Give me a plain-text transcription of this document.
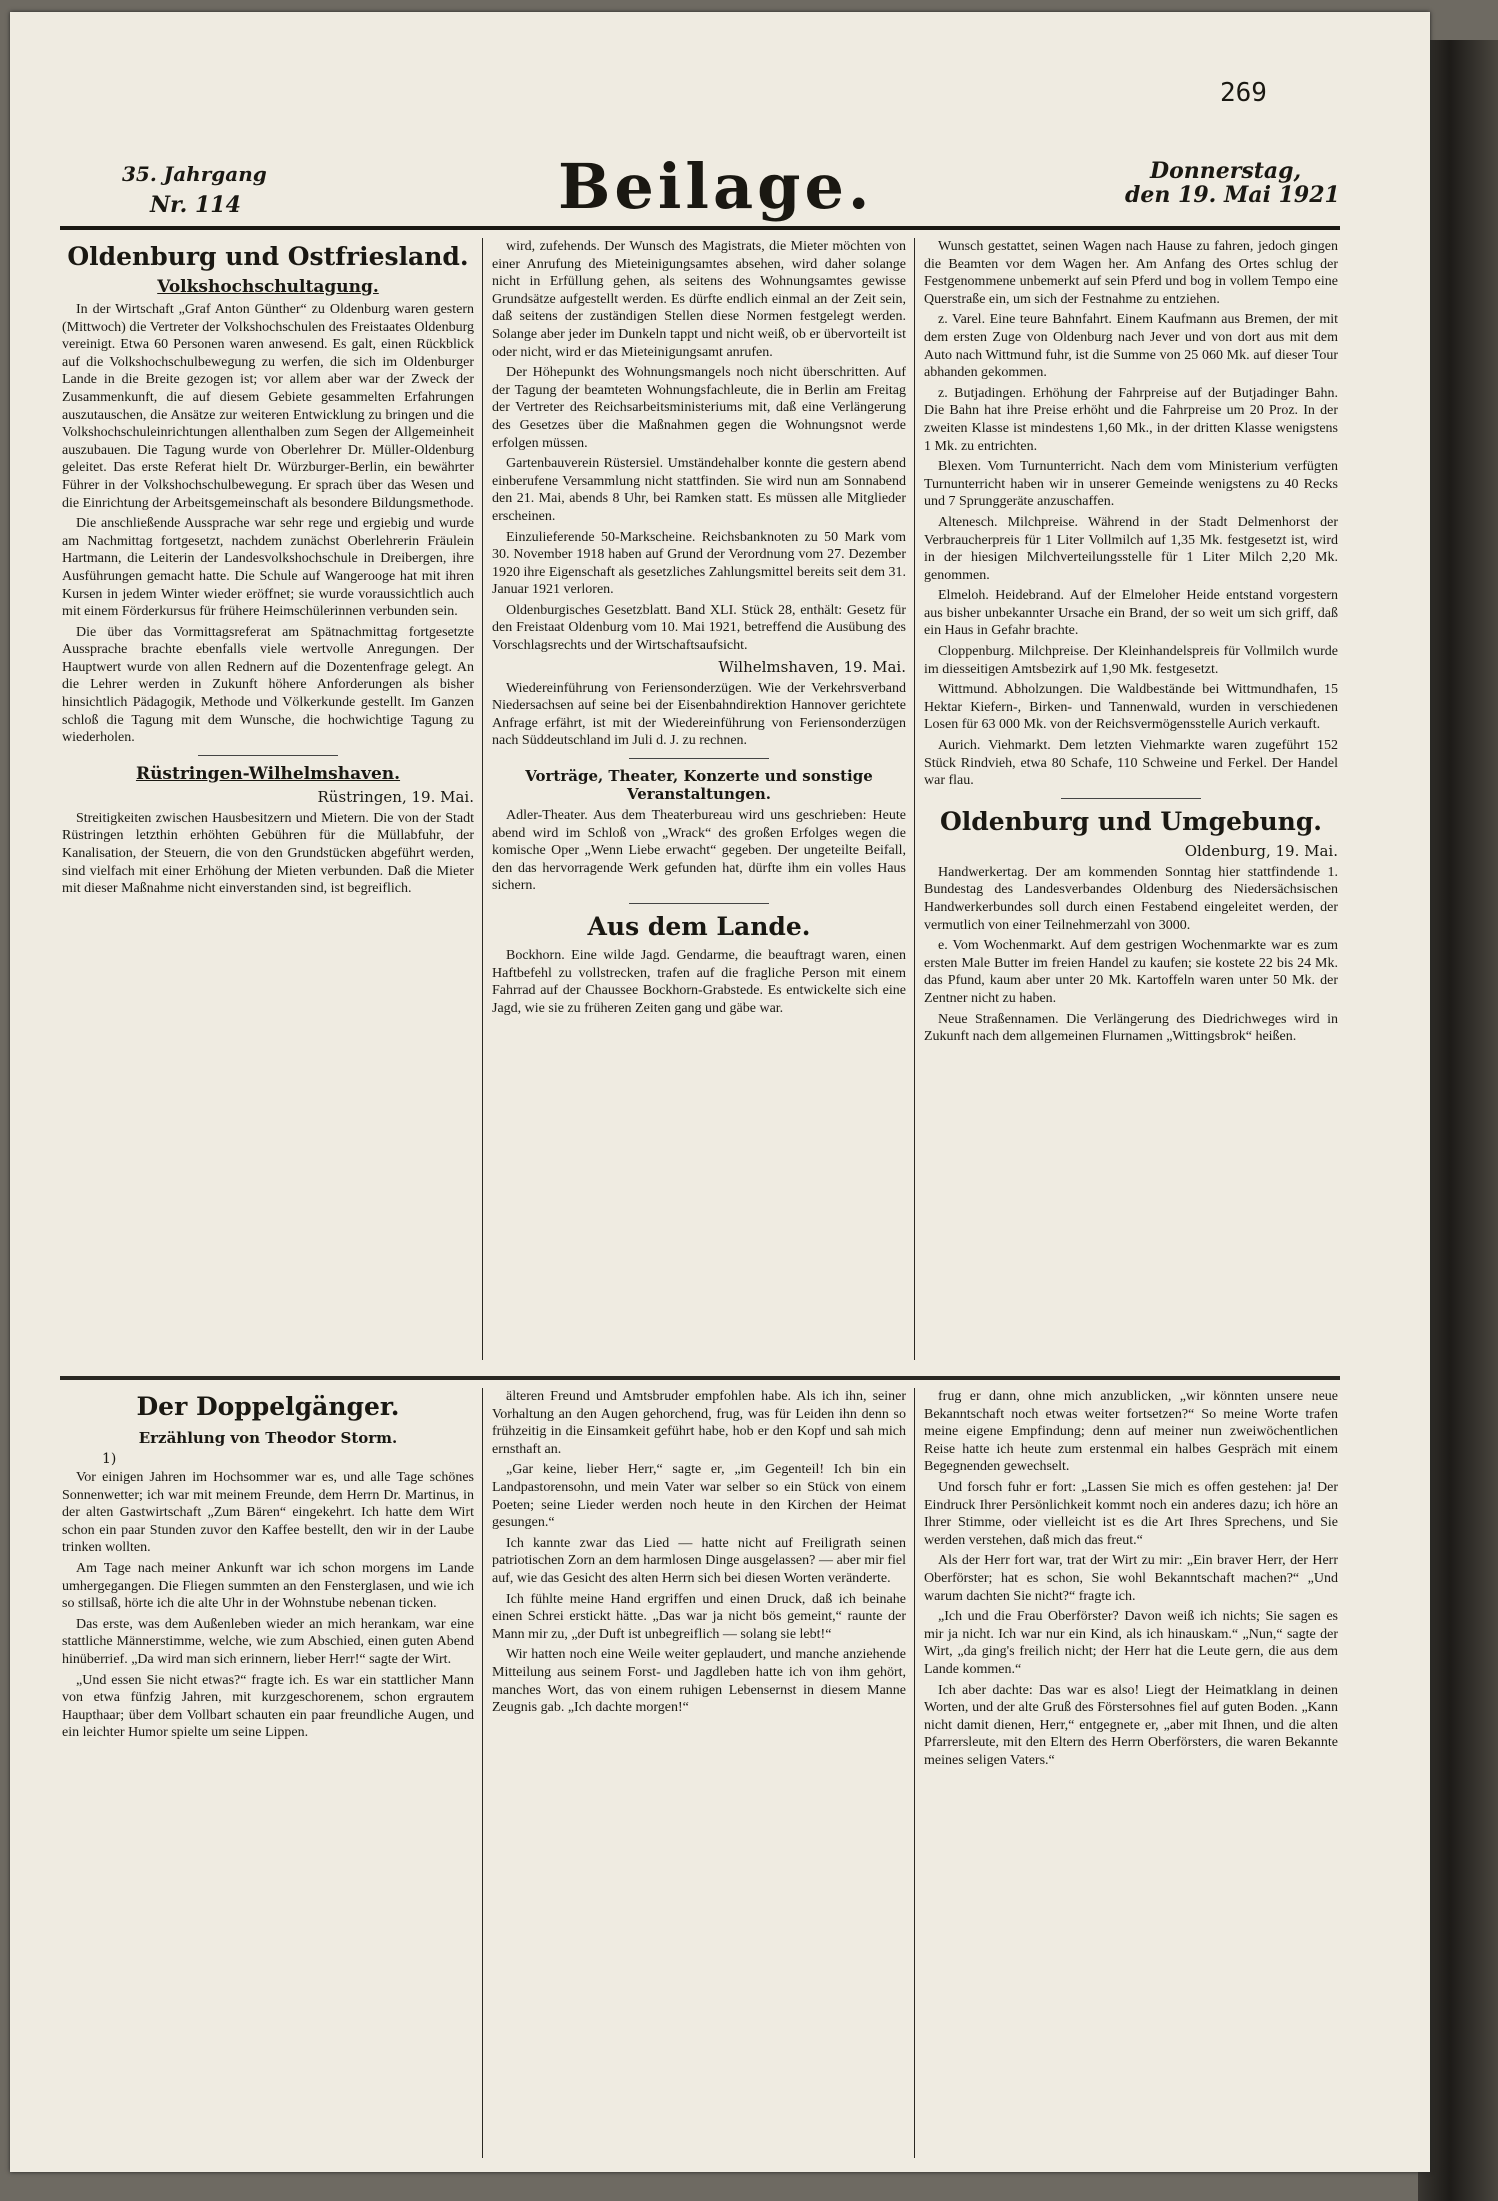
269
35. Jahrgang
Nr. 114	Beilage.	Donnerstag,
den 19. Mai 1921
Oldenburg und Ostfriesland.
Volkshochschultagung.

In der Wirtschaft „Graf Anton Günther“ zu Oldenburg waren gestern (Mittwoch) die Vertreter der Volkshochschulen des Freistaates Oldenburg vereinigt. Etwa 60 Personen waren anwesend. Es galt, einen Rückblick auf die Volkshochschulbewegung zu werfen, die sich im Oldenburger Lande in die Breite gezogen ist; vor allem aber war der Zweck der Zusammenkunft, die auf diesem Gebiete gesammelten Erfahrungen auszutauschen, die Ansätze zur weiteren Entwicklung zu bringen und die Volkshochschuleinrichtungen allenthalben zum Segen der Allgemeinheit auszubauen. Die Tagung wurde von Oberlehrer Dr. Müller-Oldenburg geleitet. Das erste Referat hielt Dr. Würzburger-Berlin, ein bewährter Führer in der Volkshochschulbewegung. Er sprach über das Wesen und die Einrichtung der Arbeitsgemeinschaft als besondere Bildungsmethode.

Die anschließende Aussprache war sehr rege und ergiebig und wurde am Nachmittag fortgesetzt, nachdem zunächst Oberlehrerin Fräulein Hartmann, die Leiterin der Landesvolkshochschule in Dreibergen, ihre Ausführungen gemacht hatte. Die Schule auf Wangerooge hat mit ihren Kursen in jedem Winter wieder eröffnet; sie wurde voraussichtlich auch mit einem Förderkursus für frühere Heimschülerinnen verbunden sein.

Die über das Vormittagsreferat am Spätnachmittag fortgesetzte Aussprache brachte ebenfalls viele wertvolle Anregungen. Der Hauptwert wurde von allen Rednern auf die Dozentenfrage gelegt. An die Lehrer werden in Zukunft höhere Anforderungen als bisher hinsichtlich Pädagogik, Methode und Völkerkunde gestellt. Im Ganzen schloß die Tagung mit dem Wunsche, die hochwichtige Tagung zu wiederholen.

Rüstringen-Wilhelmshaven.
Rüstringen, 19. Mai.

Streitigkeiten zwischen Hausbesitzern und Mietern. Die von der Stadt Rüstringen letzthin erhöhten Gebühren für die Müllabfuhr, der Kanalisation, der Steuern, die von den Grundstücken abgeführt werden, sind vielfach mit einer Erhöhung der Mieten verbunden. Daß die Mieter mit dieser Maßnahme nicht einverstanden sind, ist begreiflich.

wird, zufehends. Der Wunsch des Magistrats, die Mieter möchten von einer Anrufung des Mieteinigungsamtes absehen, wird daher solange nicht in Erfüllung gehen, als seitens des Wohnungsamtes gewisse Grundsätze aufgestellt werden. Es dürfte endlich einmal an der Zeit sein, daß seitens der zuständigen Stellen diese Normen festgelegt werden. Solange aber jeder im Dunkeln tappt und nicht weiß, ob er übervorteilt ist oder nicht, wird er das Mieteinigungsamt anrufen.

Der Höhepunkt des Wohnungsmangels noch nicht überschritten. Auf der Tagung der beamteten Wohnungsfachleute, die in Berlin am Freitag der Vertreter des Reichsarbeitsministeriums mit, daß eine Verlängerung des Gesetzes über die Maßnahmen gegen die Wohnungsnot werde erfolgen müssen.

Gartenbauverein Rüstersiel. Umständehalber konnte die gestern abend einberufene Versammlung nicht stattfinden. Sie wird nun am Sonnabend den 21. Mai, abends 8 Uhr, bei Ramken statt. Es müssen alle Mitglieder erscheinen.

Einzulieferende 50-Markscheine. Reichsbanknoten zu 50 Mark vom 30. November 1918 haben auf Grund der Verordnung vom 27. Dezember 1920 ihre Eigenschaft als gesetzliches Zahlungsmittel bereits seit dem 31. Januar 1921 verloren.

Oldenburgisches Gesetzblatt. Band XLI. Stück 28, enthält: Gesetz für den Freistaat Oldenburg vom 10. Mai 1921, betreffend die Ausübung des Vorschlagsrechts und der Wirtschaftsaufsicht.

Wilhelmshaven, 19. Mai.

Wiedereinführung von Feriensonderzügen. Wie der Verkehrsverband Niedersachsen auf seine bei der Eisenbahndirektion Hannover gerichtete Anfrage erfährt, ist mit der Wiedereinführung von Feriensonderzügen nach Süddeutschland im Juli d. J. zu rechnen.

Vorträge, Theater, Konzerte und sonstige Veranstaltungen.

Adler-Theater. Aus dem Theaterbureau wird uns geschrieben: Heute abend wird im Schloß von „Wrack“ des großen Erfolges wegen die komische Oper „Wenn Liebe erwacht“ gegeben. Der ungeteilte Beifall, den das hervorragende Werk gefunden hat, dürfte ihm ein volles Haus sichern.

Aus dem Lande.

Bockhorn. Eine wilde Jagd. Gendarme, die beauftragt waren, einen Haftbefehl zu vollstrecken, trafen auf die fragliche Person mit einem Fahrrad auf der Chaussee Bockhorn-Grabstede. Es entwickelte sich eine Jagd, wie sie zu früheren Zeiten gang und gäbe war.

Wunsch gestattet, seinen Wagen nach Hause zu fahren, jedoch gingen die Beamten vor dem Wagen her. Am Anfang des Ortes schlug der Festgenommene unbemerkt auf sein Pferd und bog in vollem Tempo eine Querstraße ein, um sich der Festnahme zu entziehen.

z. Varel. Eine teure Bahnfahrt. Einem Kaufmann aus Bremen, der mit dem ersten Zuge von Oldenburg nach Jever und von dort aus mit dem Auto nach Wittmund fuhr, ist die Summe von 25 060 Mk. auf dieser Tour abhanden gekommen.

z. Butjadingen. Erhöhung der Fahrpreise auf der Butjadinger Bahn. Die Bahn hat ihre Preise erhöht und die Fahrpreise um 20 Proz. In der zweiten Klasse ist mindestens 1,60 Mk., in der dritten Klasse wenigstens 1 Mk. zu entrichten.

Blexen. Vom Turnunterricht. Nach dem vom Ministerium verfügten Turnunterricht haben wir in unserer Gemeinde wenigstens zu 40 Recks und 7 Sprunggeräte anzuschaffen.

Altenesch. Milchpreise. Während in der Stadt Delmenhorst der Verbraucherpreis für 1 Liter Vollmilch auf 1,35 Mk. festgesetzt ist, wird in der hiesigen Milchverteilungsstelle für 1 Liter Milch 2,20 Mk. genommen.

Elmeloh. Heidebrand. Auf der Elmeloher Heide entstand vorgestern aus bisher unbekannter Ursache ein Brand, der so weit um sich griff, daß ein Haus in Gefahr brachte.

Cloppenburg. Milchpreise. Der Kleinhandelspreis für Vollmilch wurde im diesseitigen Amtsbezirk auf 1,90 Mk. festgesetzt.

Wittmund. Abholzungen. Die Waldbestände bei Wittmundhafen, 15 Hektar Kiefern-, Birken- und Tannenwald, wurden in verschiedenen Losen für 63 000 Mk. von der Reichsvermögensstelle Aurich verkauft.

Aurich. Viehmarkt. Dem letzten Viehmarkte waren zugeführt 152 Stück Rindvieh, etwa 80 Schafe, 110 Schweine und Ferkel. Der Handel war flau.

Oldenburg und Umgebung.
Oldenburg, 19. Mai.

Handwerkertag. Der am kommenden Sonntag hier stattfindende 1. Bundestag des Landesverbandes Oldenburg des Niedersächsischen Handwerkerbundes soll durch einen Festabend eingeleitet werden, der vermutlich von einer Teilnehmerzahl von 3000.

e. Vom Wochenmarkt. Auf dem gestrigen Wochenmarkte war es zum ersten Male Butter im freien Handel zu kaufen; sie kostete 22 bis 24 Mk. das Pfund, kaum aber unter 20 Mk. Kartoffeln waren unter 50 Mk. der Zentner nicht zu haben.

Neue Straßennamen. Die Verlängerung des Diedrichweges wird in Zukunft nach dem allgemeinen Flurnamen „Wittingsbrok“ heißen.

Der Doppelgänger.
Erzählung von Theodor Storm.
1)

Vor einigen Jahren im Hochsommer war es, und alle Tage schönes Sonnenwetter; ich war mit meinem Freunde, dem Herrn Dr. Martinus, in der alten Gastwirtschaft „Zum Bären“ eingekehrt. Ich hatte dem Wirt schon ein paar Stunden zuvor den Kaffee bestellt, den wir in der Laube trinken wollten.

Am Tage nach meiner Ankunft war ich schon morgens im Lande umhergegangen. Die Fliegen summten an den Fensterglasen, und wie ich so stillsaß, hörte ich die alte Uhr in der Wohnstube nebenan ticken.

Das erste, was dem Außenleben wieder an mich herankam, war eine stattliche Männerstimme, welche, wie zum Abschied, einen guten Abend hinüberrief. „Da wird man sich erinnern, lieber Herr!“ sagte der Wirt.

„Und essen Sie nicht etwas?“ fragte ich. Es war ein stattlicher Mann von etwa fünfzig Jahren, mit kurzgeschorenem, schon ergrautem Haupthaar; über dem Vollbart schauten ein paar freundliche Augen, und ein leichter Humor spielte um seine Lippen.

älteren Freund und Amtsbruder empfohlen habe. Als ich ihn, seiner Vorhaltung an den Augen gehorchend, frug, was für Leiden ihn denn so frühzeitig in die Einsamkeit geführt habe, hob er den Kopf und sah mich ernsthaft an.

„Gar keine, lieber Herr,“ sagte er, „im Gegenteil! Ich bin ein Landpastorensohn, und mein Vater war selber so ein Stück von einem Poeten; seine Lieder werden noch heute in den Kirchen der Heimat gesungen.“

Ich kannte zwar das Lied — hatte nicht auf Freiligrath seinen patriotischen Zorn an dem harmlosen Dinge ausgelassen? — aber mir fiel auf, wie das Gesicht des alten Herrn sich bei diesen Worten veränderte.

Ich fühlte meine Hand ergriffen und einen Druck, daß ich beinahe einen Schrei erstickt hätte. „Das war ja nicht bös gemeint,“ raunte der Mann mir zu, „der Duft ist unbegreiflich — solang sie lebt!“

Wir hatten noch eine Weile weiter geplaudert, und manche anziehende Mitteilung aus seinem Forst- und Jagdleben hatte ich von ihm gehört, manches Wort, das von einem ruhigen Lebensernst in diesem Manne Zeugnis gab. „Ich dachte morgen!“

frug er dann, ohne mich anzublicken, „wir könnten unsere neue Bekanntschaft noch etwas weiter fortsetzen?“ So meine Worte trafen meine eigene Empfindung; denn auf meiner nun zweiwöchentlichen Reise hatte ich heute zum erstenmal ein halbes Gespräch mit einem Begegnenden gewechselt.

Und forsch fuhr er fort: „Lassen Sie mich es offen gestehen: ja! Der Eindruck Ihrer Persönlichkeit kommt noch ein anderes dazu; ich höre an Ihrer Stimme, oder vielleicht ist es die Art Ihres Sprechens, und Sie werden verstehen, daß mich das freut.“

Als der Herr fort war, trat der Wirt zu mir: „Ein braver Herr, der Herr Oberförster; hat es schon, Sie wohl Bekanntschaft machen?“ „Und warum dachten Sie nicht?“ fragte ich.

„Ich und die Frau Oberförster? Davon weiß ich nichts; Sie sagen es mir ja nicht. Ich war nur ein Kind, als ich hinauskam.“ „Nun,“ sagte der Wirt, „da ging's freilich nicht; der Herr hat die Leute gern, die aus dem Lande kommen.“

Ich aber dachte: Das war es also! Liegt der Heimatklang in deinen Worten, und der alte Gruß des Förstersohnes fiel auf guten Boden. „Kann nicht damit dienen, Herr,“ entgegnete er, „aber mit Ihnen, und die alten Pfarrersleute, mit den Eltern des Herrn Oberförsters, die waren Bekannte meines seligen Vaters.“
